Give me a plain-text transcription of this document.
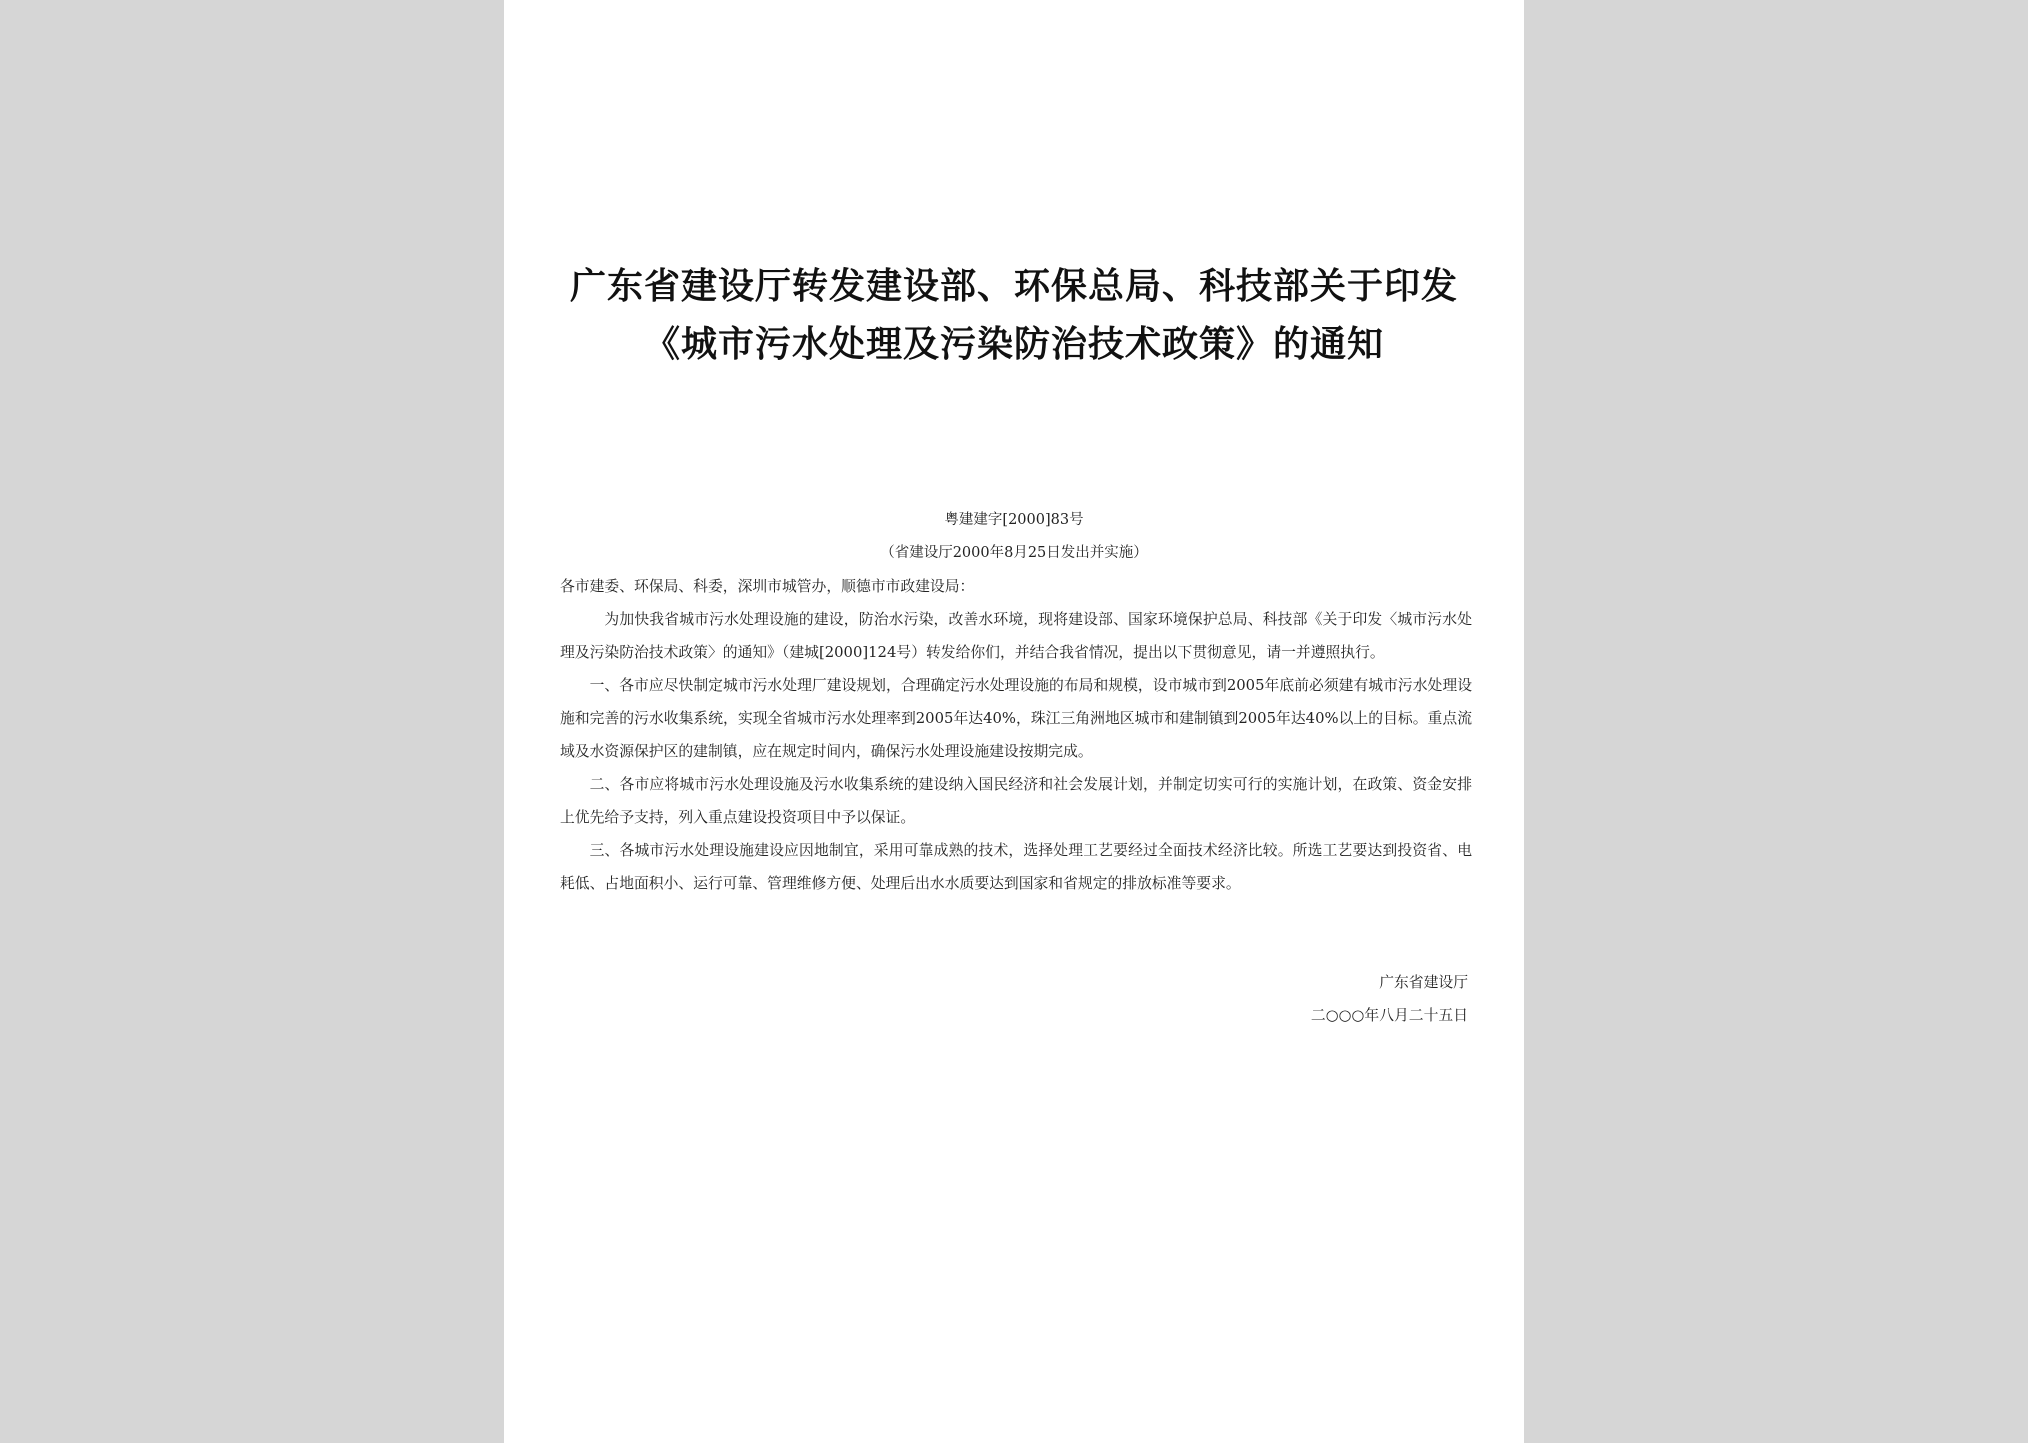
广东省建设厅转发建设部、环保总局、科技部关于印发
《城市污水处理及污染防治技术政策》的通知
粤建建字[2000]83号
（省建设厅2000年8月25日发出并实施）

各市建委、环保局、科委，深圳市城管办，顺德市市政建设局：

为加快我省城市污水处理设施的建设，防治水污染，改善水环境，现将建设部、国家环境保护总局、科技部《关于印发〈城市污水处理及污染防治技术政策〉的通知》（建城[2000]124号）转发给你们，并结合我省情况，提出以下贯彻意见，请一并遵照执行。

一、各市应尽快制定城市污水处理厂建设规划，合理确定污水处理设施的布局和规模，设市城市到2005年底前必须建有城市污水处理设施和完善的污水收集系统，实现全省城市污水处理率到2005年达40%，珠江三角洲地区城市和建制镇到2005年达40%以上的目标。重点流域及水资源保护区的建制镇，应在规定时间内，确保污水处理设施建设按期完成。

二、各市应将城市污水处理设施及污水收集系统的建设纳入国民经济和社会发展计划，并制定切实可行的实施计划，在政策、资金安排上优先给予支持，列入重点建设投资项目中予以保证。

三、各城市污水处理设施建设应因地制宜，采用可靠成熟的技术，选择处理工艺要经过全面技术经济比较。所选工艺要达到投资省、电耗低、占地面积小、运行可靠、管理维修方便、处理后出水水质要达到国家和省规定的排放标准等要求。

广东省建设厅
二○○○年八月二十五日
